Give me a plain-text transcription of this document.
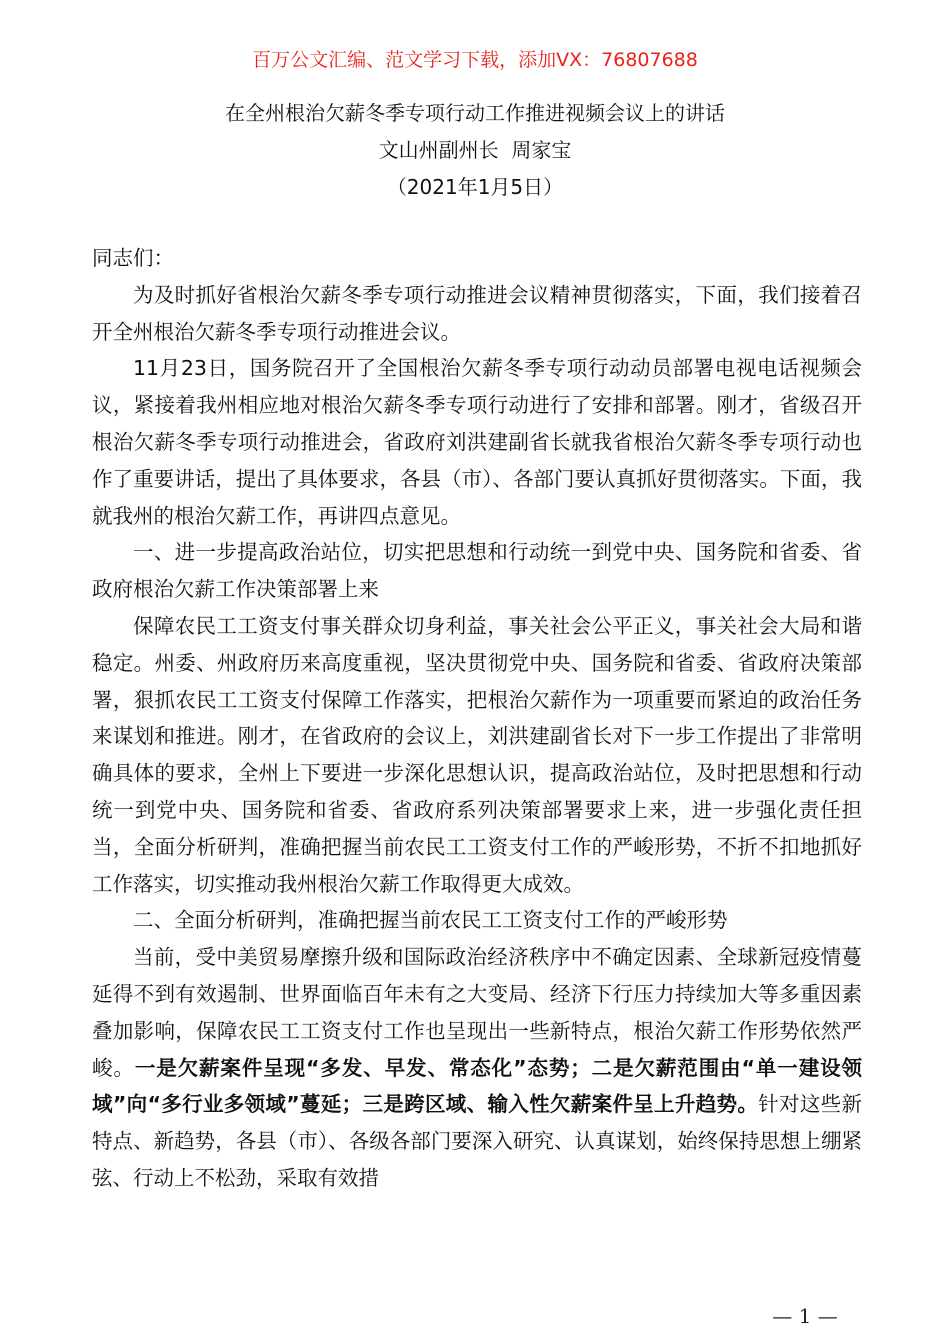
百万公文汇编、范文学习下载，添加VX：76807688
在全州根治欠薪冬季专项行动工作推进视频会议上的讲话
文山州副州长  周家宝
（2021年1月5日）

同志们：

为及时抓好省根治欠薪冬季专项行动推进会议精神贯彻落实，下面，我们接着召开全州根治欠薪冬季专项行动推进会议。

11月23日，国务院召开了全国根治欠薪冬季专项行动动员部署电视电话视频会议，紧接着我州相应地对根治欠薪冬季专项行动进行了安排和部署。刚才，省级召开根治欠薪冬季专项行动推进会，省政府刘洪建副省长就我省根治欠薪冬季专项行动也作了重要讲话，提出了具体要求，各县（市）、各部门要认真抓好贯彻落实。下面，我就我州的根治欠薪工作，再讲四点意见。

一、进一步提高政治站位，切实把思想和行动统一到党中央、国务院和省委、省政府根治欠薪工作决策部署上来

保障农民工工资支付事关群众切身利益，事关社会公平正义，事关社会大局和谐稳定。州委、州政府历来高度重视，坚决贯彻党中央、国务院和省委、省政府决策部署，狠抓农民工工资支付保障工作落实，把根治欠薪作为一项重要而紧迫的政治任务来谋划和推进。刚才，在省政府的会议上，刘洪建副省长对下一步工作提出了非常明确具体的要求，全州上下要进一步深化思想认识，提高政治站位，及时把思想和行动统一到党中央、国务院和省委、省政府系列决策部署要求上来，进一步强化责任担当，全面分析研判，准确把握当前农民工工资支付工作的严峻形势，不折不扣地抓好工作落实，切实推动我州根治欠薪工作取得更大成效。

二、全面分析研判，准确把握当前农民工工资支付工作的严峻形势

当前，受中美贸易摩擦升级和国际政治经济秩序中不确定因素、全球新冠疫情蔓延得不到有效遏制、世界面临百年未有之大变局、经济下行压力持续加大等多重因素叠加影响，保障农民工工资支付工作也呈现出一些新特点，根治欠薪工作形势依然严峻。一是欠薪案件呈现“多发、早发、常态化”态势；二是欠薪范围由“单一建设领域”向“多行业多领域”蔓延；三是跨区域、输入性欠薪案件呈上升趋势。针对这些新特点、新趋势，各县（市）、各级各部门要深入研究、认真谋划，始终保持思想上绷紧弦、行动上不松劲，采取有效措

— 1 —
